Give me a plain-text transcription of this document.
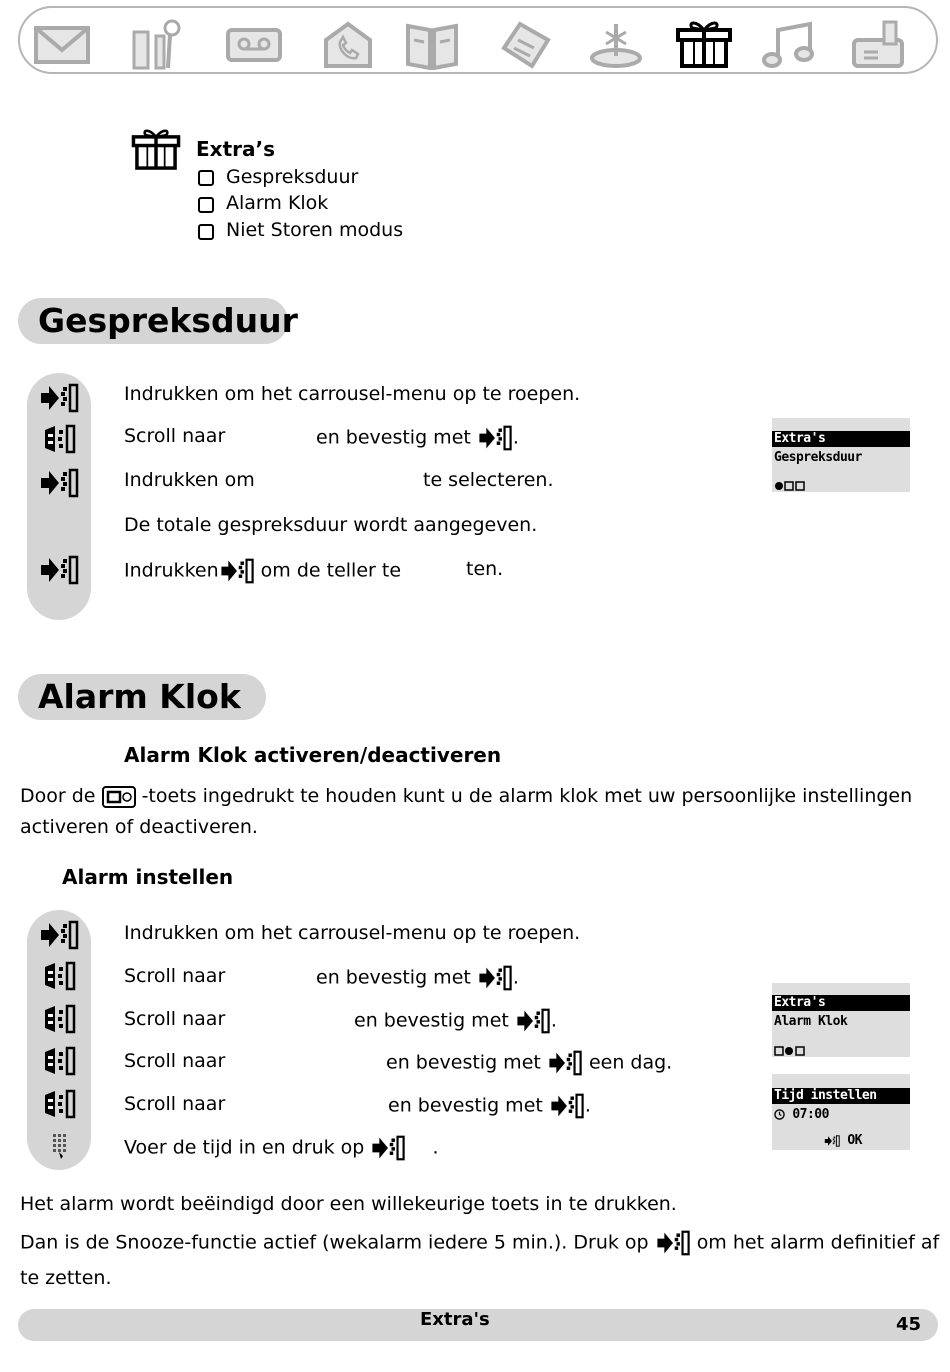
Extra’s
Gespreksduur
Alarm Klok
Niet Storen modus
Gespreksduur
Indrukken om het carrousel-menu op te roepen.
Scroll naar	en bevestig met .
Indrukken om	te selecteren.
De totale gespreksduur wordt aangegeven.
Indrukken om de teller te	ten.
Extra's
Gespreksduur
Alarm Klok
Alarm Klok activeren/deactiveren
Door de -toets ingedrukt te houden kunt u de alarm klok met uw persoonlijke instellingen
activeren of deactiveren.
Alarm instellen
Indrukken om het carrousel-menu op te roepen.
Scroll naar	en bevestig met .
Scroll naar	en bevestig met .
Scroll naar	en bevestig met	een dag.
Scroll naar	en bevestig met .
Voer de tijd in en druk op	.
Extra's
Alarm Klok
Tijd instellen
07:00
OK
Het alarm wordt beëindigd door een willekeurige toets in te drukken.
Dan is de Snooze-functie actief (wekalarm iedere 5 min.). Druk op	om het alarm definitief af
te zetten.
Extra's	45
